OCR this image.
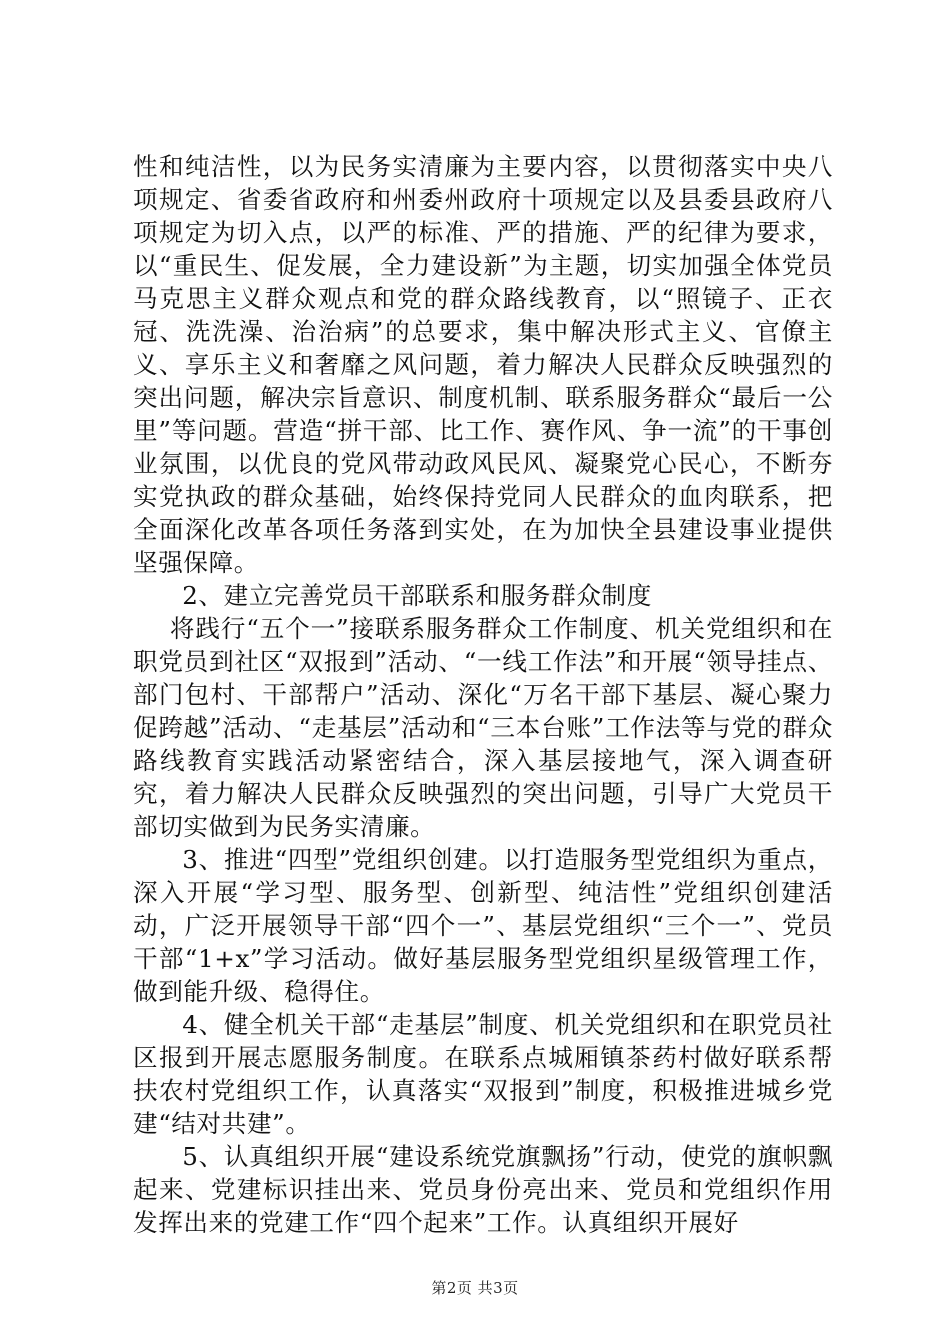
性和纯洁性，以为民务实清廉为主要内容，以贯彻落实中央八项规定、省委省政府和州委州政府十项规定以及县委县政府八项规定为切入点，以严的标准、严的措施、严的纪律为要求，以“重民生、促发展，全力建设新”为主题，切实加强全体党员马克思主义群众观点和党的群众路线教育，以“照镜子、正衣冠、洗洗澡、治治病”的总要求，集中解决形式主义、官僚主义、享乐主义和奢靡之风问题，着力解决人民群众反映强烈的突出问题，解决宗旨意识、制度机制、联系服务群众“最后一公里”等问题。营造“拼干部、比工作、赛作风、争一流”的干事创业氛围，以优良的党风带动政风民风、凝聚党心民心，不断夯实党执政的群众基础，始终保持党同人民群众的血肉联系，把全面深化改革各项任务落到实处，在为加快全县建设事业提供坚强保障。

2、建立完善党员干部联系和服务群众制度

将践行“五个一”接联系服务群众工作制度、机关党组织和在职党员到社区“双报到”活动、“一线工作法”和开展“领导挂点、部门包村、干部帮户”活动、深化“万名干部下基层、凝心聚力促跨越”活动、“走基层”活动和“三本台账”工作法等与党的群众路线教育实践活动紧密结合，深入基层接地气，深入调查研究，着力解决人民群众反映强烈的突出问题，引导广大党员干部切实做到为民务实清廉。

3、推进“四型”党组织创建。以打造服务型党组织为重点，深入开展“学习型、服务型、创新型、纯洁性”党组织创建活动，广泛开展领导干部“四个一”、基层党组织“三个一”、党员干部“1+x”学习活动。做好基层服务型党组织星级管理工作，做到能升级、稳得住。

4、健全机关干部“走基层”制度、机关党组织和在职党员社区报到开展志愿服务制度。在联系点城厢镇茶药村做好联系帮扶农村党组织工作，认真落实“双报到”制度，积极推进城乡党建“结对共建”。

5、认真组织开展“建设系统党旗飘扬”行动，使党的旗帜飘起来、党建标识挂出来、党员身份亮出来、党员和党组织作用发挥出来的党建工作“四个起来”工作。认真组织开展好

第2页 共3页
